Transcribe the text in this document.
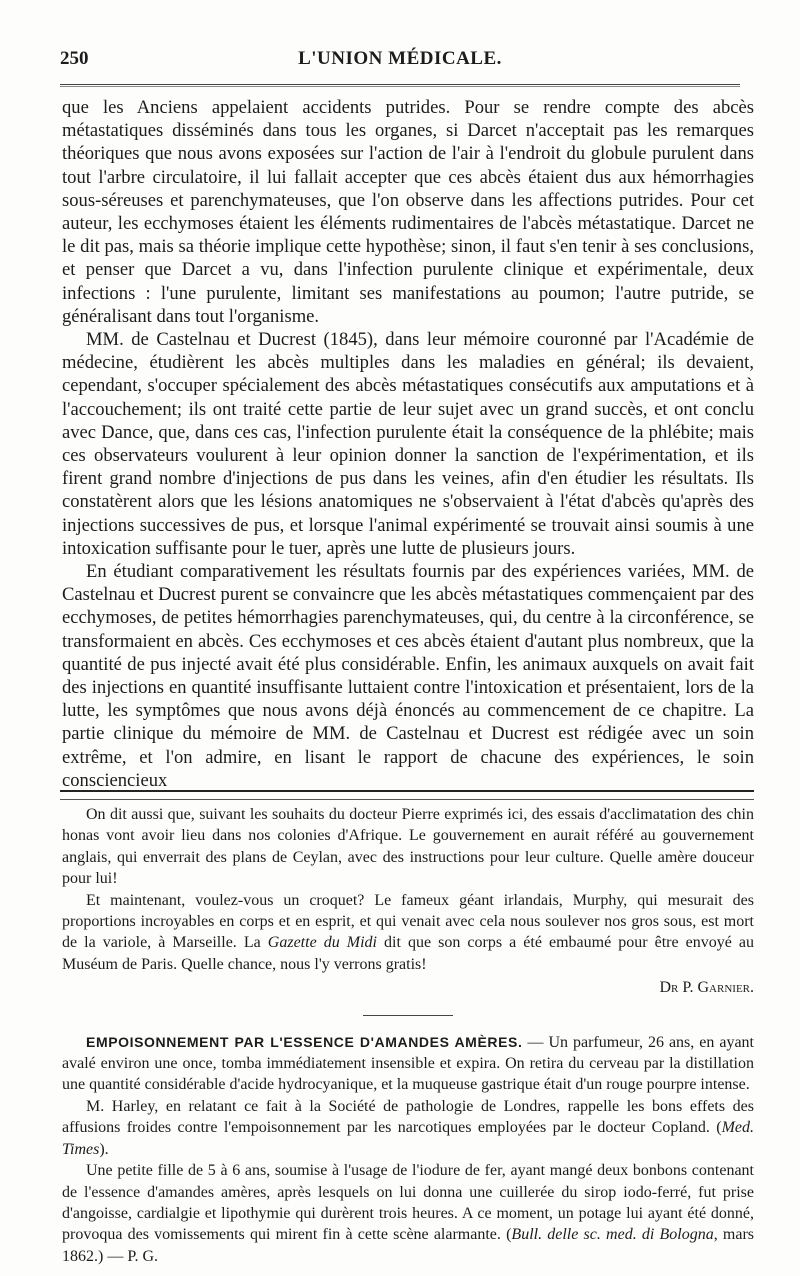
250	L'UNION MÉDICALE.

que les Anciens appelaient accidents putrides. Pour se rendre compte des abcès métastatiques disséminés dans tous les organes, si Darcet n'acceptait pas les remarques théoriques que nous avons exposées sur l'action de l'air à l'endroit du globule purulent dans tout l'arbre circulatoire, il lui fallait accepter que ces abcès étaient dus aux hémorrhagies sous-séreuses et parenchymateuses, que l'on observe dans les affections putrides. Pour cet auteur, les ecchymoses étaient les éléments rudimentaires de l'abcès métastatique. Darcet ne le dit pas, mais sa théorie implique cette hypothèse; sinon, il faut s'en tenir à ses conclusions, et penser que Darcet a vu, dans l'infection purulente clinique et expérimentale, deux infections : l'une purulente, limitant ses manifestations au poumon; l'autre putride, se généralisant dans tout l'organisme.

MM. de Castelnau et Ducrest (1845), dans leur mémoire couronné par l'Académie de médecine, étudièrent les abcès multiples dans les maladies en général; ils devaient, cependant, s'occuper spécialement des abcès métastatiques consécutifs aux amputations et à l'accouchement; ils ont traité cette partie de leur sujet avec un grand succès, et ont conclu avec Dance, que, dans ces cas, l'infection purulente était la conséquence de la phlébite; mais ces observateurs voulurent à leur opinion donner la sanction de l'expérimentation, et ils firent grand nombre d'injections de pus dans les veines, afin d'en étudier les résultats. Ils constatèrent alors que les lésions anatomiques ne s'observaient à l'état d'abcès qu'après des injections successives de pus, et lorsque l'animal expérimenté se trouvait ainsi soumis à une intoxication suffisante pour le tuer, après une lutte de plusieurs jours.

En étudiant comparativement les résultats fournis par des expériences variées, MM. de Castelnau et Ducrest purent se convaincre que les abcès métastatiques commençaient par des ecchymoses, de petites hémorrhagies parenchymateuses, qui, du centre à la circonférence, se transformaient en abcès. Ces ecchymoses et ces abcès étaient d'autant plus nombreux, que la quantité de pus injecté avait été plus considérable. Enfin, les animaux auxquels on avait fait des injections en quantité insuffisante luttaient contre l'intoxication et présentaient, lors de la lutte, les symptômes que nous avons déjà énoncés au commencement de ce chapitre. La partie clinique du mémoire de MM. de Castelnau et Ducrest est rédigée avec un soin extrême, et l'on admire, en lisant le rapport de chacune des expériences, le soin consciencieux

On dit aussi que, suivant les souhaits du docteur Pierre exprimés ici, des essais d'acclimatation des chin honas vont avoir lieu dans nos colonies d'Afrique. Le gouvernement en aurait référé au gouvernement anglais, qui enverrait des plans de Ceylan, avec des instructions pour leur culture. Quelle amère douceur pour lui!

Et maintenant, voulez-vous un croquet? Le fameux géant irlandais, Murphy, qui mesurait des proportions incroyables en corps et en esprit, et qui venait avec cela nous soulever nos gros sous, est mort de la variole, à Marseille. La Gazette du Midi dit que son corps a été embaumé pour être envoyé au Muséum de Paris. Quelle chance, nous l'y verrons gratis!

Dr P. Garnier.

EMPOISONNEMENT PAR L'ESSENCE D'AMANDES AMÈRES. — Un parfumeur, 26 ans, en ayant avalé environ une once, tomba immédiatement insensible et expira. On retira du cerveau par la distillation une quantité considérable d'acide hydrocyanique, et la muqueuse gastrique était d'un rouge pourpre intense.

M. Harley, en relatant ce fait à la Société de pathologie de Londres, rappelle les bons effets des affusions froides contre l'empoisonnement par les narcotiques employées par le docteur Copland. (Med. Times).

Une petite fille de 5 à 6 ans, soumise à l'usage de l'iodure de fer, ayant mangé deux bonbons contenant de l'essence d'amandes amères, après lesquels on lui donna une cuillerée du sirop iodo-ferré, fut prise d'angoisse, cardialgie et lipothymie qui durèrent trois heures. A ce moment, un potage lui ayant été donné, provoqua des vomissements qui mirent fin à cette scène alarmante. (Bull. delle sc. med. di Bologna, mars 1862.) — P. G.
